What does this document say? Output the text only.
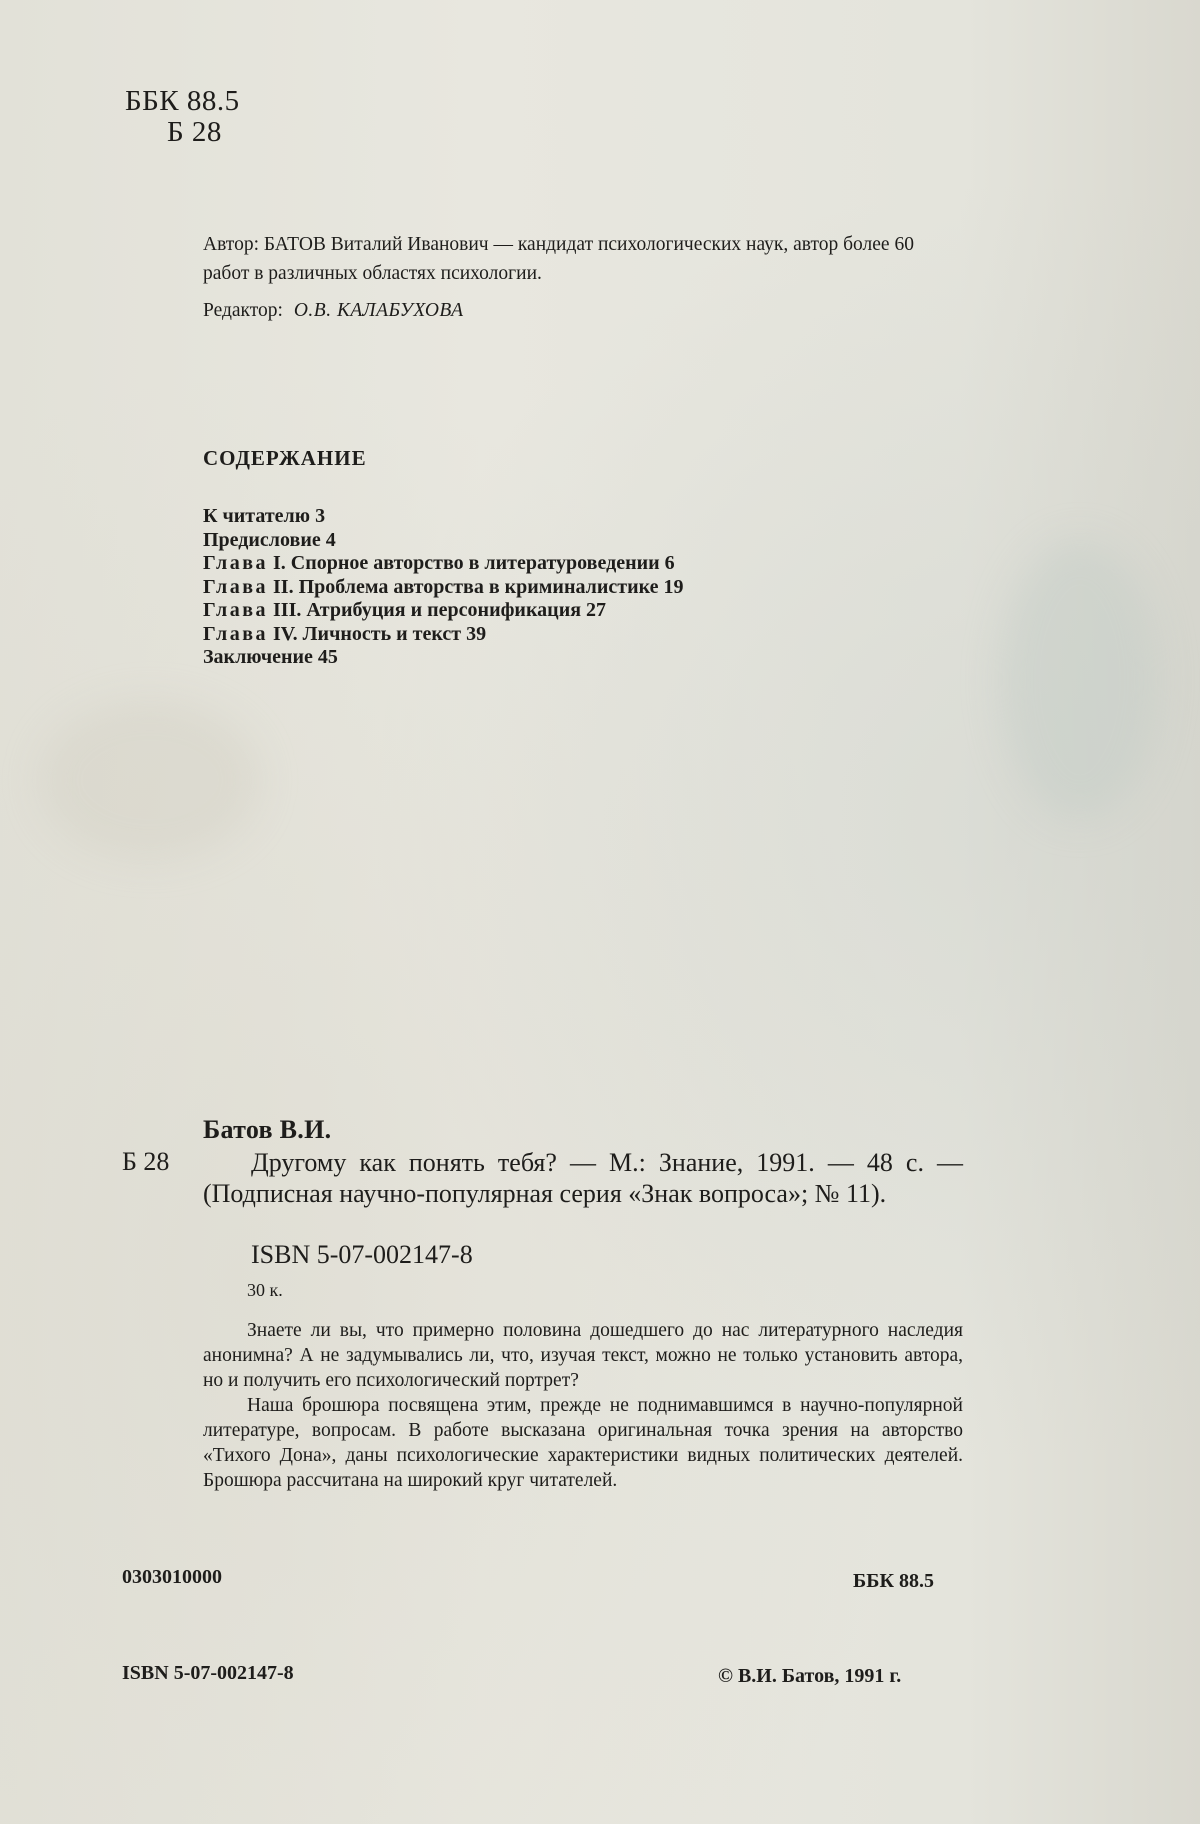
ББК 88.5
Б 28
Автор: БАТОВ Виталий Иванович — кандидат психологических наук, автор более 60 работ в различных областях психологии.
Редактор: О.В. КАЛАБУХОВА
СОДЕРЖАНИЕ
К читателю 3
Предисловие 4
Глава I. Спорное авторство в литературоведении 6
Глава II. Проблема авторства в криминалистике 19
Глава III. Атрибуция и персонификация 27
Глава IV. Личность и текст 39
Заключение 45
Батов В.И.
Б 28	Другому как понять тебя? — М.: Знание, 1991. — 48 с. — (Подписная научно-популярная серия «Знак вопроса»; № 11).
ISBN 5-07-002147-8
30 к.

Знаете ли вы, что примерно половина дошедшего до нас литературного наследия анонимна? А не задумывались ли, что, изучая текст, можно не только установить автора, но и получить его психологический портрет?

Наша брошюра посвящена этим, прежде не поднимавшимся в научно-популярной литературе, вопросам. В работе высказана оригинальная точка зрения на авторство «Тихого Дона», даны психологические характеристики видных политических деятелей. Брошюра рассчитана на широкий круг читателей.

0303010000	ББК 88.5
ISBN 5-07-002147-8	© В.И. Батов, 1991 г.
